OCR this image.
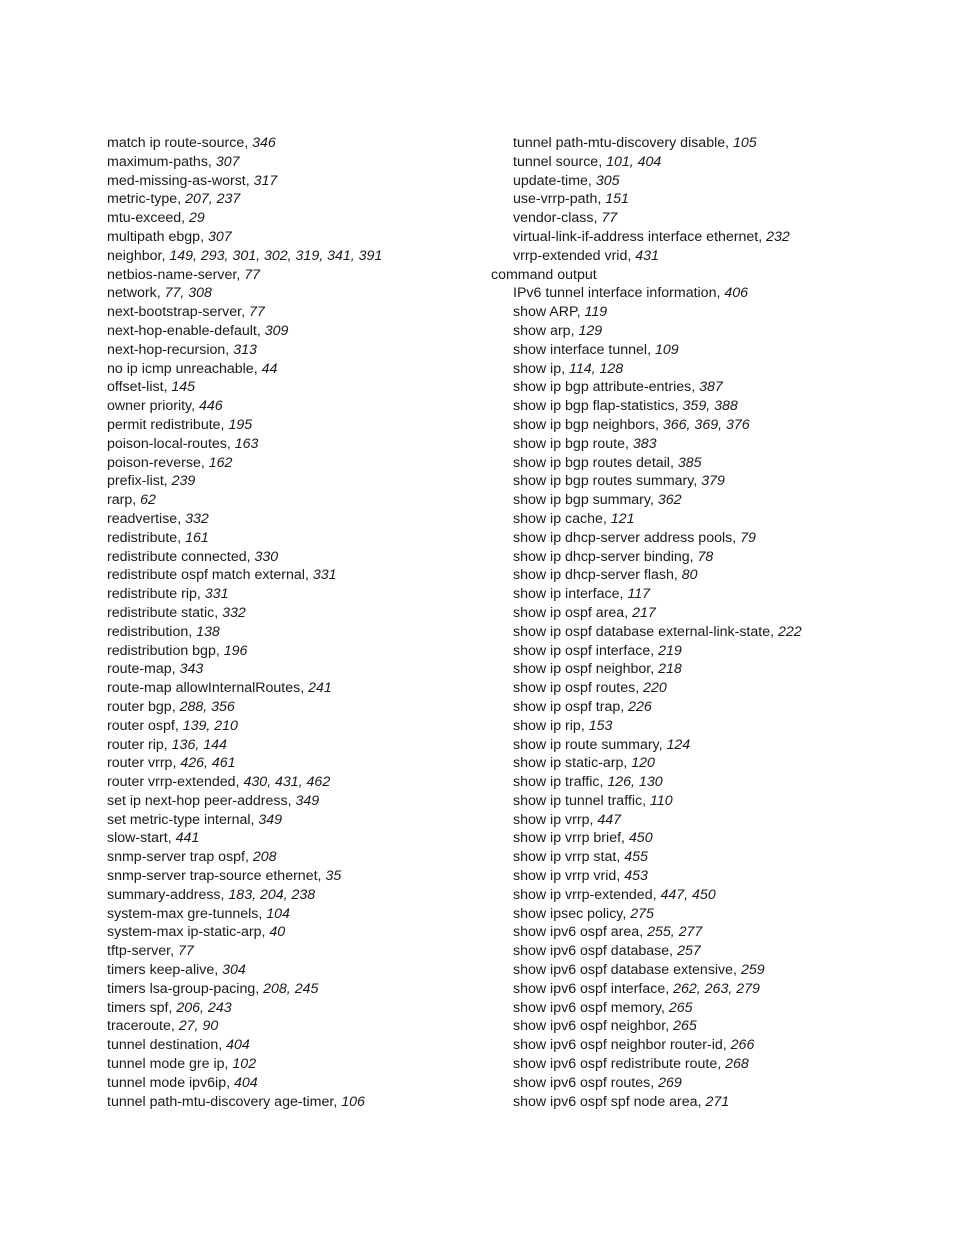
match ip route-source, 346
maximum-paths, 307
med-missing-as-worst, 317
metric-type, 207, 237
mtu-exceed, 29
multipath ebgp, 307
neighbor, 149, 293, 301, 302, 319, 341, 391
netbios-name-server, 77
network, 77, 308
next-bootstrap-server, 77
next-hop-enable-default, 309
next-hop-recursion, 313
no ip icmp unreachable, 44
offset-list, 145
owner priority, 446
permit redistribute, 195
poison-local-routes, 163
poison-reverse, 162
prefix-list, 239
rarp, 62
readvertise, 332
redistribute, 161
redistribute connected, 330
redistribute ospf match external, 331
redistribute rip, 331
redistribute static, 332
redistribution, 138
redistribution bgp, 196
route-map, 343
route-map allowInternalRoutes, 241
router bgp, 288, 356
router ospf, 139, 210
router rip, 136, 144
router vrrp, 426, 461
router vrrp-extended, 430, 431, 462
set ip next-hop peer-address, 349
set metric-type internal, 349
slow-start, 441
snmp-server trap ospf, 208
snmp-server trap-source ethernet, 35
summary-address, 183, 204, 238
system-max gre-tunnels, 104
system-max ip-static-arp, 40
tftp-server, 77
timers keep-alive, 304
timers lsa-group-pacing, 208, 245
timers spf, 206, 243
traceroute, 27, 90
tunnel destination, 404
tunnel mode gre ip, 102
tunnel mode ipv6ip, 404
tunnel path-mtu-discovery age-timer, 106
tunnel path-mtu-discovery disable, 105
tunnel source, 101, 404
update-time, 305
use-vrrp-path, 151
vendor-class, 77
virtual-link-if-address interface ethernet, 232
vrrp-extended vrid, 431
command output
IPv6 tunnel interface information, 406
show ARP, 119
show arp, 129
show interface tunnel, 109
show ip, 114, 128
show ip bgp attribute-entries, 387
show ip bgp flap-statistics, 359, 388
show ip bgp neighbors, 366, 369, 376
show ip bgp route, 383
show ip bgp routes detail, 385
show ip bgp routes summary, 379
show ip bgp summary, 362
show ip cache, 121
show ip dhcp-server address pools, 79
show ip dhcp-server binding, 78
show ip dhcp-server flash, 80
show ip interface, 117
show ip ospf area, 217
show ip ospf database external-link-state, 222
show ip ospf interface, 219
show ip ospf neighbor, 218
show ip ospf routes, 220
show ip ospf trap, 226
show ip rip, 153
show ip route summary, 124
show ip static-arp, 120
show ip traffic, 126, 130
show ip tunnel traffic, 110
show ip vrrp, 447
show ip vrrp brief, 450
show ip vrrp stat, 455
show ip vrrp vrid, 453
show ip vrrp-extended, 447, 450
show ipsec policy, 275
show ipv6 ospf area, 255, 277
show ipv6 ospf database, 257
show ipv6 ospf database extensive, 259
show ipv6 ospf interface, 262, 263, 279
show ipv6 ospf memory, 265
show ipv6 ospf neighbor, 265
show ipv6 ospf neighbor router-id, 266
show ipv6 ospf redistribute route, 268
show ipv6 ospf routes, 269
show ipv6 ospf spf node area, 271
